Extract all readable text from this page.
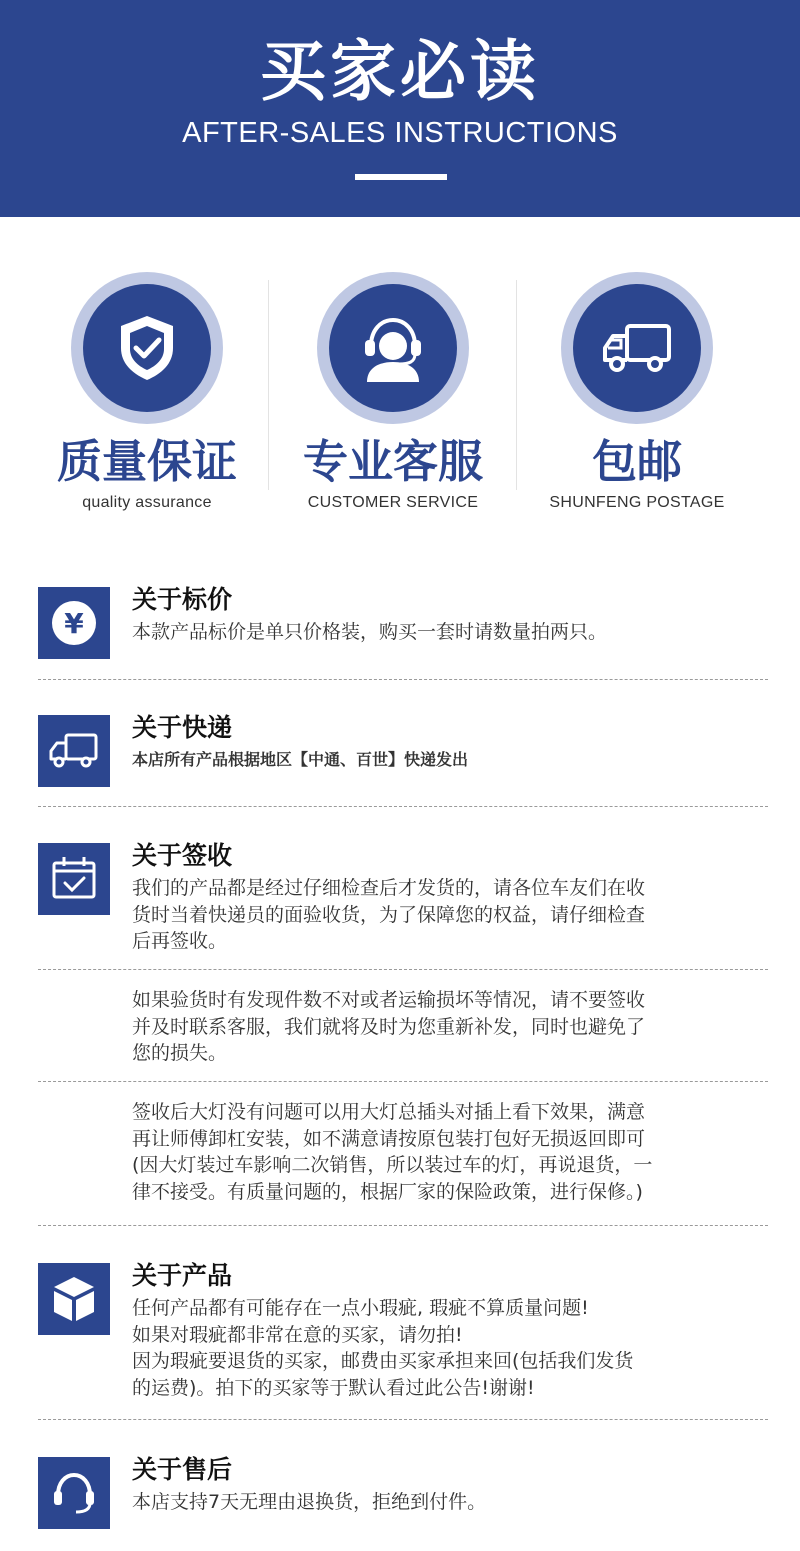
买家必读
AFTER-SALES INSTRUCTIONS
质量保证
quality assurance
专业客服
CUSTOMER SERVICE
包邮
SHUNFENG POSTAGE
¥
关于标价
本款产品标价是单只价格装，购买一套时请数量拍两只。
关于快递
本店所有产品根据地区【中通、百世】快递发出
关于签收
我们的产品都是经过仔细检查后才发货的，请各位车友们在收
货时当着快递员的面验收货，为了保障您的权益，请仔细检查
后再签收。
如果验货时有发现件数不对或者运输损坏等情况，请不要签收
并及时联系客服，我们就将及时为您重新补发，同时也避免了
您的损失。
签收后大灯没有问题可以用大灯总插头对插上看下效果，满意
再让师傅卸杠安装，如不满意请按原包装打包好无损返回即可
(因大灯装过车影响二次销售，所以装过车的灯，再说退货，一
律不接受。有质量问题的，根据厂家的保险政策，进行保修。)
关于产品
任何产品都有可能存在一点小瑕疵, 瑕疵不算质量问题!
如果对瑕疵都非常在意的买家，请勿拍!
因为瑕疵要退货的买家，邮费由买家承担来回(包括我们发货
的运费)。拍下的买家等于默认看过此公告!谢谢!
关于售后
本店支持7天无理由退换货，拒绝到付件。
